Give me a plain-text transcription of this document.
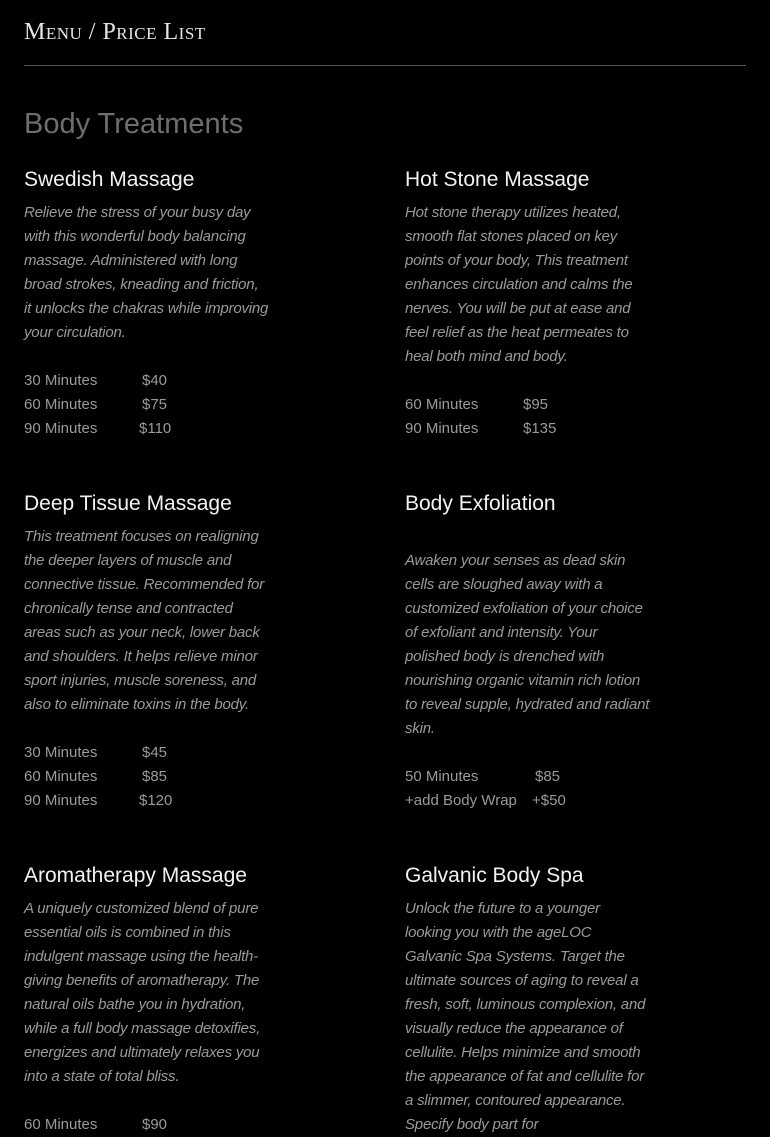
Menu / Price List
Body Treatments
Swedish Massage
Relieve the stress of your busy day with this wonderful body balancing massage. Administered with long broad strokes, kneading and friction, it unlocks the chakras while improving your circulation.
30 Minutes	$40
60 Minutes	$75
90 Minutes	$110
Hot Stone Massage
Hot stone therapy utilizes heated, smooth flat stones placed on key points of your body, This treatment enhances circulation and calms the nerves. You will be put at ease and feel relief as the heat permeates to heal both mind and body.
60 Minutes	$95
90 Minutes	$135
Deep Tissue Massage
This treatment focuses on realigning the deeper layers of muscle and connective tissue. Recommended for chronically tense and contracted areas such as your neck, lower back and shoulders. It helps relieve minor sport injuries, muscle soreness, and also to eliminate toxins in the body.
30 Minutes	$45
60 Minutes	$85
90 Minutes	$120
Body Exfoliation
Awaken your senses as dead skin cells are sloughed away with a customized exfoliation of your choice of exfoliant and intensity. Your polished body is drenched with nourishing organic vitamin rich lotion to reveal supple, hydrated and radiant skin.
50 Minutes	$85
+add Body Wrap +$50
Aromatherapy Massage
A uniquely customized blend of pure essential oils is combined in this indulgent massage using the health-giving benefits of aromatherapy. The natural oils bathe you in hydration, while a full body massage detoxifies, energizes and ultimately relaxes you into a state of total bliss.
60 Minutes	$90
Galvanic Body Spa
Unlock the future to a younger looking you with the ageLOC Galvanic Spa Systems. Target the ultimate sources of aging to reveal a fresh, soft, luminous complexion, and visually reduce the appearance of cellulite. Helps minimize and smooth the appearance of fat and cellulite for a slimmer, contoured appearance. Specify body part for
